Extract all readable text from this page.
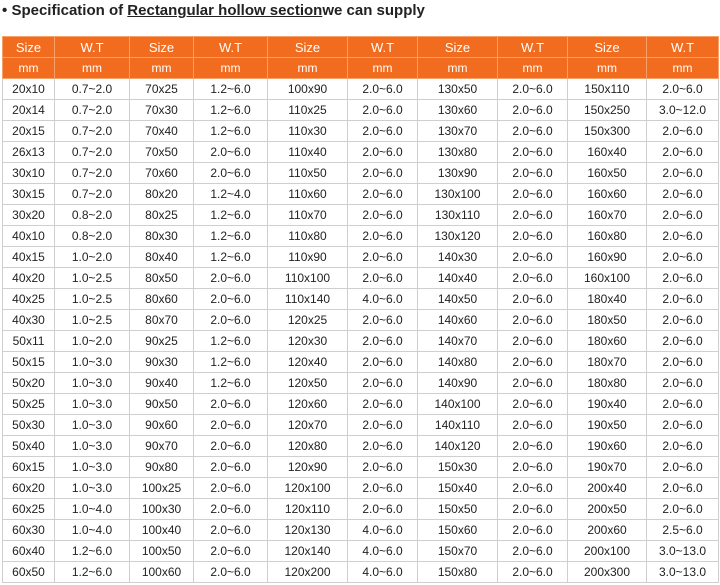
• Specification of Rectangular hollow sectionwe can supply
Size	W.T	Size	W.T	Size	W.T	Size	W.T	Size	W.T
mm	mm	mm	mm	mm	mm	mm	mm	mm	mm
20x10	0.7~2.0	70x25	1.2~6.0	100x90	2.0~6.0	130x50	2.0~6.0	150x110	2.0~6.0
20x14	0.7~2.0	70x30	1.2~6.0	110x25	2.0~6.0	130x60	2.0~6.0	150x250	3.0~12.0
20x15	0.7~2.0	70x40	1.2~6.0	110x30	2.0~6.0	130x70	2.0~6.0	150x300	2.0~6.0
26x13	0.7~2.0	70x50	2.0~6.0	110x40	2.0~6.0	130x80	2.0~6.0	160x40	2.0~6.0
30x10	0.7~2.0	70x60	2.0~6.0	110x50	2.0~6.0	130x90	2.0~6.0	160x50	2.0~6.0
30x15	0.7~2.0	80x20	1.2~4.0	110x60	2.0~6.0	130x100	2.0~6.0	160x60	2.0~6.0
30x20	0.8~2.0	80x25	1.2~6.0	110x70	2.0~6.0	130x110	2.0~6.0	160x70	2.0~6.0
40x10	0.8~2.0	80x30	1.2~6.0	110x80	2.0~6.0	130x120	2.0~6.0	160x80	2.0~6.0
40x15	1.0~2.0	80x40	1.2~6.0	110x90	2.0~6.0	140x30	2.0~6.0	160x90	2.0~6.0
40x20	1.0~2.5	80x50	2.0~6.0	110x100	2.0~6.0	140x40	2.0~6.0	160x100	2.0~6.0
40x25	1.0~2.5	80x60	2.0~6.0	110x140	4.0~6.0	140x50	2.0~6.0	180x40	2.0~6.0
40x30	1.0~2.5	80x70	2.0~6.0	120x25	2.0~6.0	140x60	2.0~6.0	180x50	2.0~6.0
50x11	1.0~2.0	90x25	1.2~6.0	120x30	2.0~6.0	140x70	2.0~6.0	180x60	2.0~6.0
50x15	1.0~3.0	90x30	1.2~6.0	120x40	2.0~6.0	140x80	2.0~6.0	180x70	2.0~6.0
50x20	1.0~3.0	90x40	1.2~6.0	120x50	2.0~6.0	140x90	2.0~6.0	180x80	2.0~6.0
50x25	1.0~3.0	90x50	2.0~6.0	120x60	2.0~6.0	140x100	2.0~6.0	190x40	2.0~6.0
50x30	1.0~3.0	90x60	2.0~6.0	120x70	2.0~6.0	140x110	2.0~6.0	190x50	2.0~6.0
50x40	1.0~3.0	90x70	2.0~6.0	120x80	2.0~6.0	140x120	2.0~6.0	190x60	2.0~6.0
60x15	1.0~3.0	90x80	2.0~6.0	120x90	2.0~6.0	150x30	2.0~6.0	190x70	2.0~6.0
60x20	1.0~3.0	100x25	2.0~6.0	120x100	2.0~6.0	150x40	2.0~6.0	200x40	2.0~6.0
60x25	1.0~4.0	100x30	2.0~6.0	120x110	2.0~6.0	150x50	2.0~6.0	200x50	2.0~6.0
60x30	1.0~4.0	100x40	2.0~6.0	120x130	4.0~6.0	150x60	2.0~6.0	200x60	2.5~6.0
60x40	1.2~6.0	100x50	2.0~6.0	120x140	4.0~6.0	150x70	2.0~6.0	200x100	3.0~13.0
60x50	1.2~6.0	100x60	2.0~6.0	120x200	4.0~6.0	150x80	2.0~6.0	200x300	3.0~13.0
